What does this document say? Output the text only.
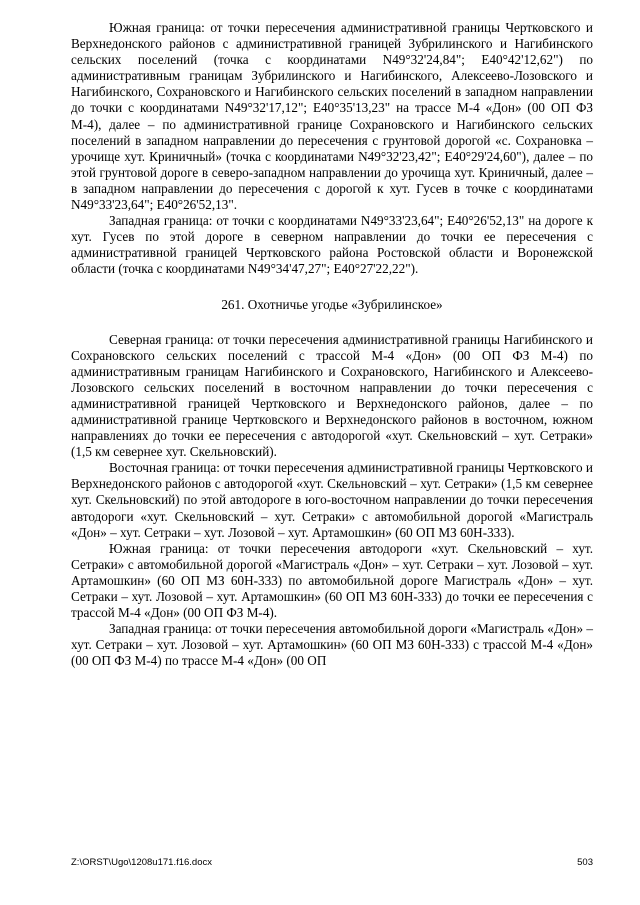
Южная граница: от точки пересечения административной границы Чертковского и Верхнедонского районов с административной границей Зубрилинского и Нагибинского сельских поселений (точка с координатами N49°32'24,84"; E40°42'12,62") по административным границам Зубрилинского и Нагибинского, Алексеево-Лозовского и Нагибинского, Сохрановского и Нагибинского сельских поселений в западном направлении до точки с координатами N49°32'17,12"; E40°35'13,23" на трассе М-4 «Дон» (00 ОП ФЗ М-4), далее – по административной границе Сохрановского и Нагибинского сельских поселений в западном направлении до пересечения с грунтовой дорогой «с. Сохрановка – урочище хут. Криничный» (точка с координатами N49°32'23,42"; E40°29'24,60"), далее – по этой грунтовой дороге в северо-западном направлении до урочища хут. Криничный, далее – в западном направлении до пересечения с дорогой к хут. Гусев в точке с координатами N49°33'23,64"; E40°26'52,13".

Западная граница: от точки с координатами N49°33'23,64"; E40°26'52,13" на дороге к хут. Гусев по этой дороге в северном направлении до точки ее пересечения с административной границей Чертковского района Ростовской области и Воронежской области (точка с координатами N49°34'47,27"; E40°27'22,22").

261. Охотничье угодье «Зубрилинское»

Северная граница: от точки пересечения административной границы Нагибинского и Сохрановского сельских поселений с трассой М-4 «Дон» (00 ОП ФЗ М-4) по административным границам Нагибинского и Сохрановского, Нагибинского и Алексеево-Лозовского сельских поселений в восточном направлении до точки пересечения с административной границей Чертковского и Верхнедонского районов, далее – по административной границе Чертковского и Верхнедонского районов в восточном, южном направлениях до точки ее пересечения с автодорогой «хут. Скельновский – хут. Сетраки» (1,5 км севернее хут. Скельновский).

Восточная граница: от точки пересечения административной границы Чертковского и Верхнедонского районов с автодорогой «хут. Скельновский – хут. Сетраки» (1,5 км севернее хут. Скельновский) по этой автодороге в юго-восточном направлении до точки пересечения автодороги «хут. Скельновский – хут. Сетраки» с автомобильной дорогой «Магистраль «Дон» – хут. Сетраки – хут. Лозовой – хут. Артамошкин» (60 ОП МЗ 60Н-333).

Южная граница: от точки пересечения автодороги «хут. Скельновский – хут. Сетраки» с автомобильной дорогой «Магистраль «Дон» – хут. Сетраки – хут. Лозовой – хут. Артамошкин» (60 ОП МЗ 60Н-333) по автомобильной дороге Магистраль «Дон» – хут. Сетраки – хут. Лозовой – хут. Артамошкин» (60 ОП МЗ 60Н-333) до точки ее пересечения с трассой М-4 «Дон» (00 ОП ФЗ М-4).

Западная граница: от точки пересечения автомобильной дороги «Магистраль «Дон» – хут. Сетраки – хут. Лозовой – хут. Артамошкин» (60 ОП МЗ 60Н-333) с трассой М-4 «Дон» (00 ОП ФЗ М-4) по трассе М-4 «Дон» (00 ОП

Z:\ORST\Ugo\1208u171.f16.docx	503
